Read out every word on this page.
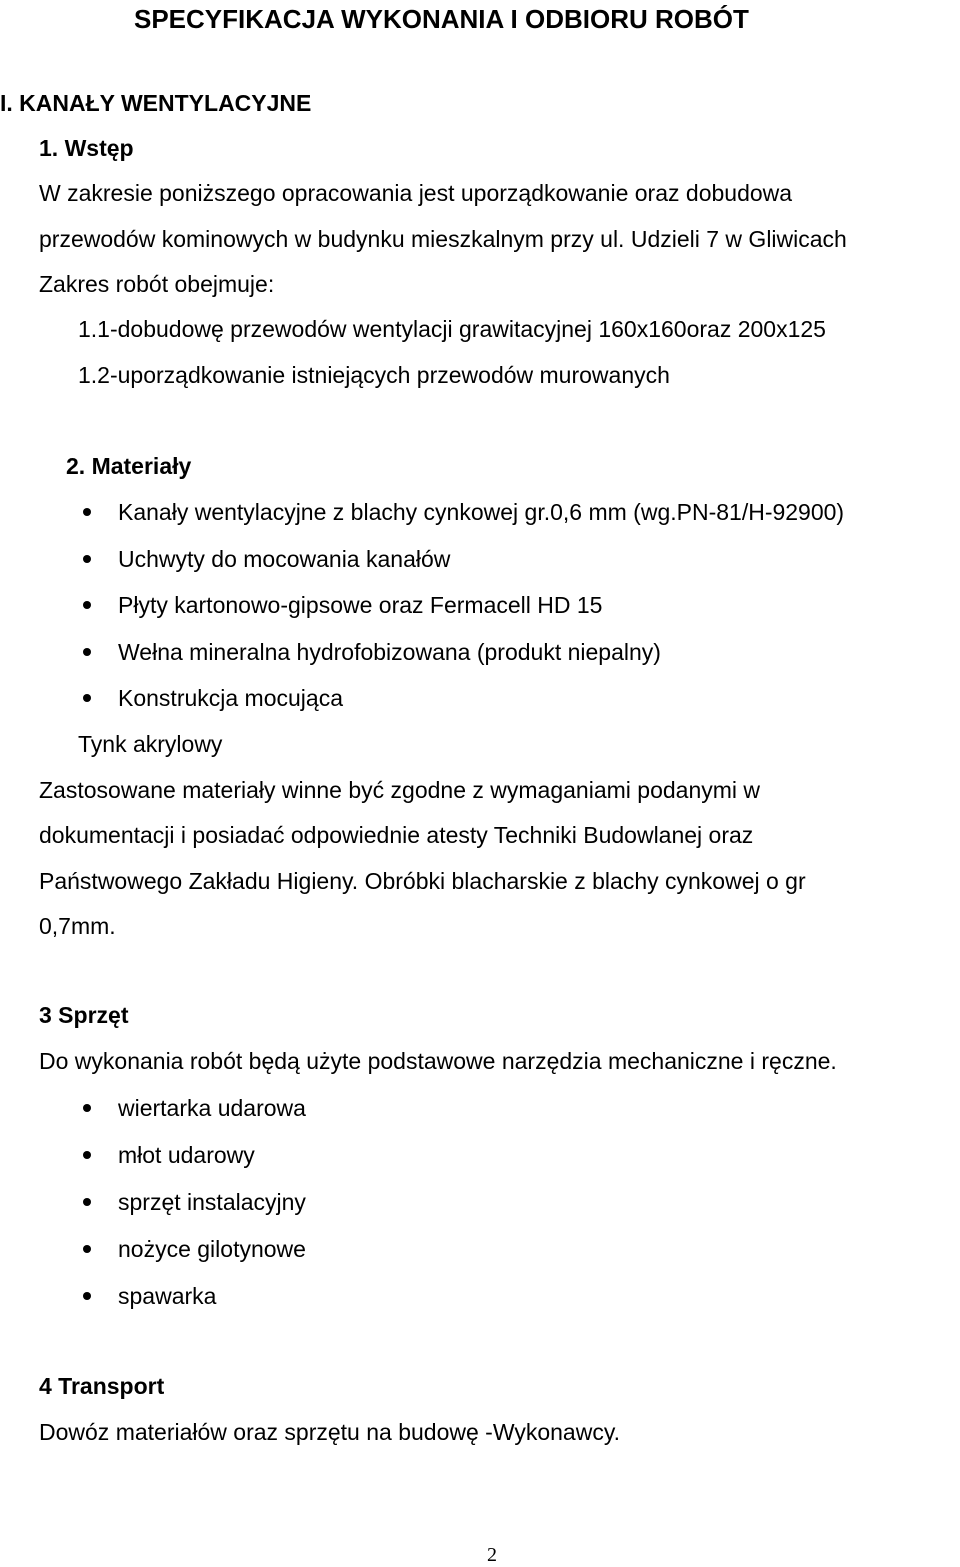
SPECYFIKACJA WYKONANIA I ODBIORU ROBÓT
I. KANAŁY WENTYLACYJNE
1. Wstęp
W zakresie poniższego opracowania jest uporządkowanie oraz dobudowa
przewodów kominowych w budynku mieszkalnym przy ul. Udzieli 7 w Gliwicach
Zakres robót obejmuje:
1.1-dobudowę przewodów wentylacji grawitacyjnej 160x160oraz 200x125
1.2-uporządkowanie istniejących przewodów murowanych
2. Materiały
Kanały wentylacyjne z blachy cynkowej gr.0,6 mm (wg.PN-81/H-92900)
Uchwyty do mocowania kanałów
Płyty kartonowo-gipsowe oraz Fermacell HD 15
Wełna mineralna hydrofobizowana (produkt niepalny)
Konstrukcja mocująca
Tynk akrylowy
Zastosowane materiały winne być zgodne z wymaganiami podanymi w
dokumentacji i posiadać odpowiednie atesty Techniki Budowlanej oraz
Państwowego Zakładu Higieny. Obróbki blacharskie z blachy cynkowej o gr
0,7mm.
3 Sprzęt
Do wykonania robót będą użyte podstawowe narzędzia mechaniczne i ręczne.
wiertarka udarowa
młot udarowy
sprzęt instalacyjny
nożyce gilotynowe
spawarka
4 Transport
Dowóz materiałów oraz sprzętu na budowę -Wykonawcy.
2
